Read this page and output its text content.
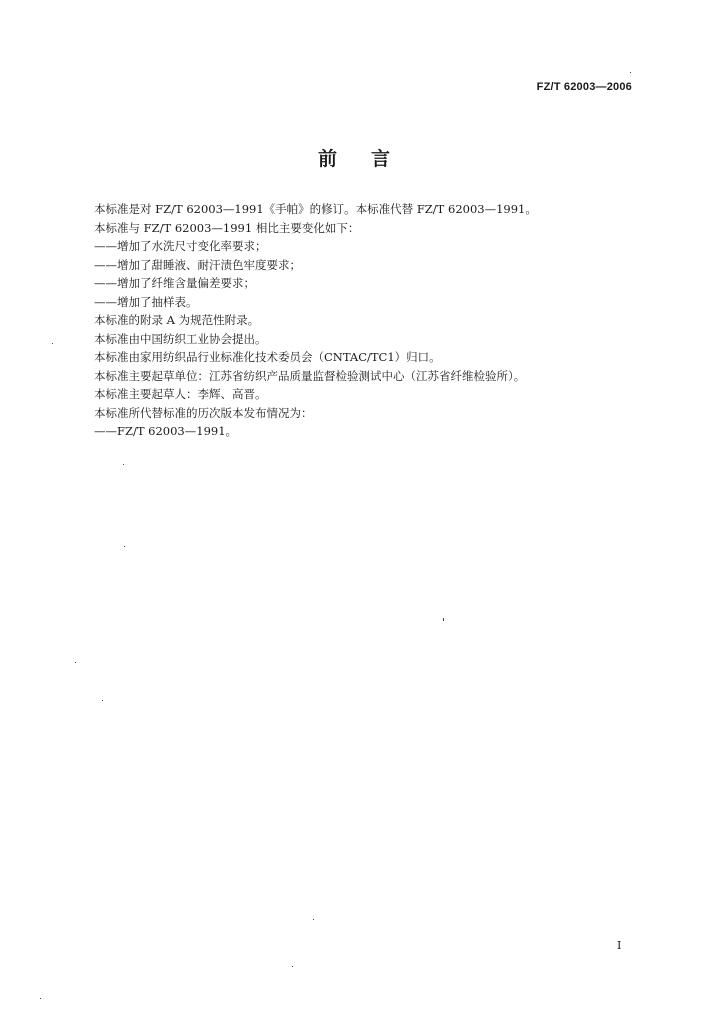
FZ/T 62003—2006
前言
本标准是对 FZ/T 62003—1991《手帕》的修订。本标准代替 FZ/T 62003—1991。
本标准与 FZ/T 62003—1991 相比主要变化如下：
——增加了水洗尺寸变化率要求；
——增加了甜睡液、耐汗渍色牢度要求；
——增加了纤维含量偏差要求；
——增加了抽样表。
本标准的附录 A 为规范性附录。
本标准由中国纺织工业协会提出。
本标准由家用纺织品行业标准化技术委员会（CNTAC/TC1）归口。
本标准主要起草单位：江苏省纺织产品质量监督检验测试中心（江苏省纤维检验所）。
本标准主要起草人：李辉、高晋。
本标准所代替标准的历次版本发布情况为：
——FZ/T 62003—1991。
I
